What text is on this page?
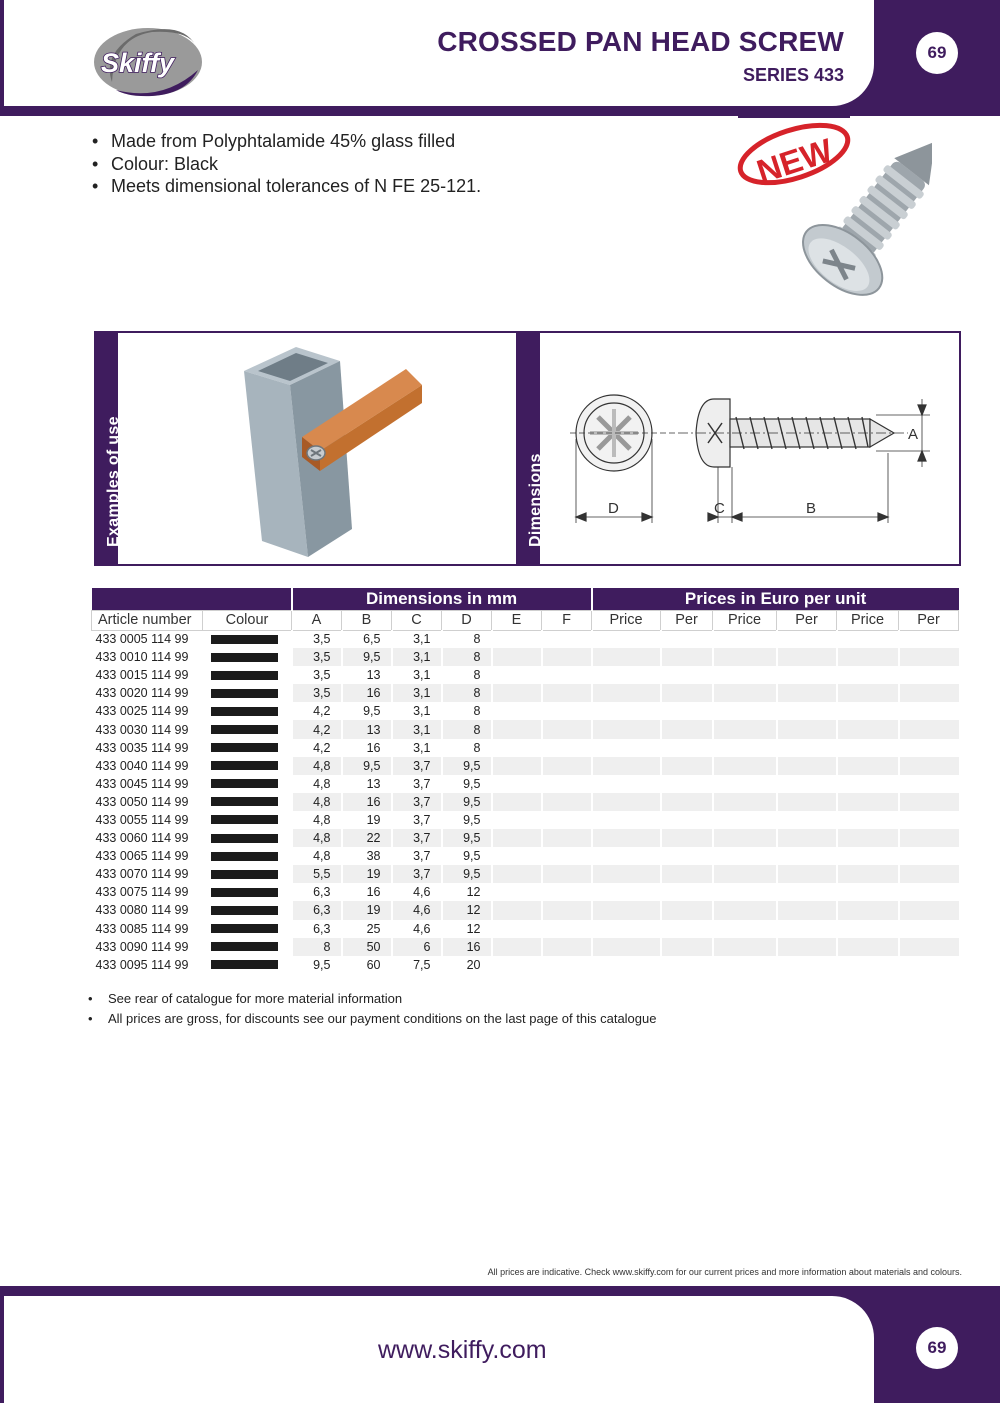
Skiffy
CROSSED PAN HEAD SCREW
SERIES 433
69
• Made from Polyphtalamide 45% glass filled
• Colour: Black
• Meets dimensional tolerances of N FE 25-121.	NEW
Examples of use	Dimensions
A
D	C	B
		Dimensions in mm						Prices in Euro per unit					
Article number	Colour	A	B	C	D	E	F	Price	Per	Price	Per	Price	Per
433 0005 114 99		3,5	6,5	3,1	8								
433 0010 114 99		3,5	9,5	3,1	8								
433 0015 114 99		3,5	13	3,1	8								
433 0020 114 99		3,5	16	3,1	8								
433 0025 114 99		4,2	9,5	3,1	8								
433 0030 114 99		4,2	13	3,1	8								
433 0035 114 99		4,2	16	3,1	8								
433 0040 114 99		4,8	9,5	3,7	9,5								
433 0045 114 99		4,8	13	3,7	9,5								
433 0050 114 99		4,8	16	3,7	9,5								
433 0055 114 99		4,8	19	3,7	9,5								
433 0060 114 99		4,8	22	3,7	9,5								
433 0065 114 99		4,8	38	3,7	9,5								
433 0070 114 99		5,5	19	3,7	9,5								
433 0075 114 99		6,3	16	4,6	12								
433 0080 114 99		6,3	19	4,6	12								
433 0085 114 99		6,3	25	4,6	12								
433 0090 114 99		8	50	6	16								
433 0095 114 99		9,5	60	7,5	20								
• See rear of catalogue for more material information
• All prices are gross, for discounts see our payment conditions on the last page of this catalogue
All prices are indicative. Check www.skiffy.com for our current prices and more information about materials and colours.
www.skiffy.com	69
